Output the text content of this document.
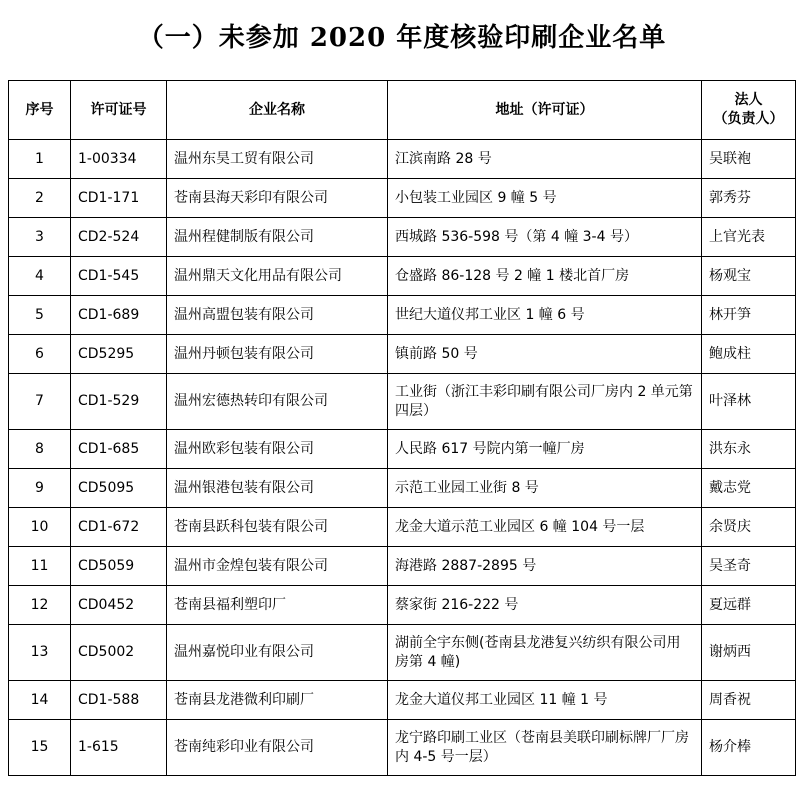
（一）未参加 2020 年度核验印刷企业名单
序号	许可证号	企业名称	地址（许可证）	法人
（负责人）

1	1-00334	温州东昊工贸有限公司	江滨南路 28 号	吴联袍
2	CD1-171	苍南县海天彩印有限公司	小包装工业园区 9 幢 5 号	郭秀芬
3	CD2-524	温州程健制版有限公司	西城路 536-598 号（第 4 幢 3-4 号）	上官光表
4	CD1-545	温州鼎天文化用品有限公司	仓盛路 86-128 号 2 幢 1 楼北首厂房	杨观宝
5	CD1-689	温州高盟包装有限公司	世纪大道仪邦工业区 1 幢 6 号	林开笋
6	CD5295	温州丹顿包装有限公司	镇前路 50 号	鲍成柱
7	CD1-529	温州宏德热转印有限公司	工业街（浙江丰彩印刷有限公司厂房内 2 单元第四层）	叶泽林
8	CD1-685	温州欧彩包装有限公司	人民路 617 号院内第一幢厂房	洪东永
9	CD5095	温州银港包装有限公司	示范工业园工业街 8 号	戴志党
10	CD1-672	苍南县跃科包装有限公司	龙金大道示范工业园区 6 幢 104 号一层	余贤庆
11	CD5059	温州市金煌包装有限公司	海港路 2887-2895 号	吴圣奇
12	CD0452	苍南县福利塑印厂	蔡家街 216-222 号	夏远群
13	CD5002	温州嘉悦印业有限公司	湖前全宇东侧(苍南县龙港复兴纺织有限公司用房第 4 幢)	谢炳西
14	CD1-588	苍南县龙港微利印刷厂	龙金大道仪邦工业园区 11 幢 1 号	周香祝
15	1-615	苍南纯彩印业有限公司	龙宁路印刷工业区（苍南县美联印刷标牌厂厂房内 4-5 号一层）	杨介棒
